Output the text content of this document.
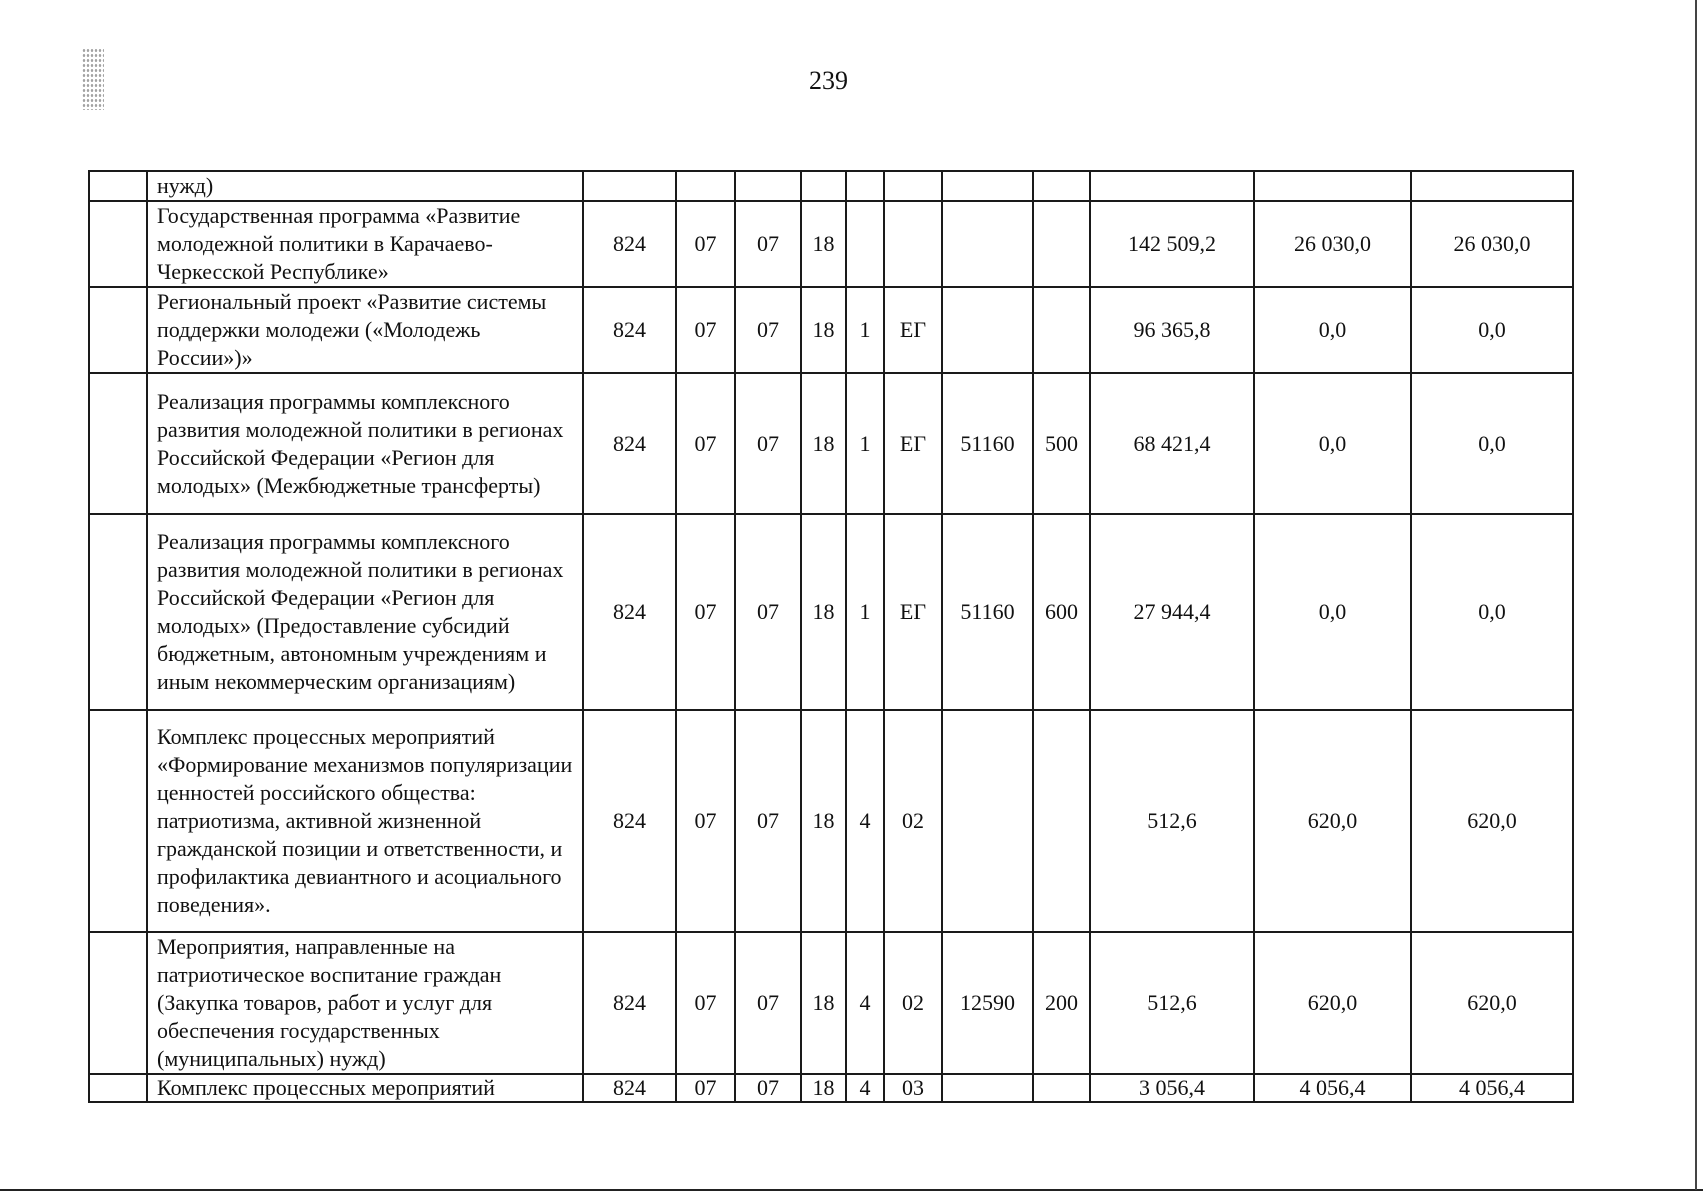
239
	нужд)											
	Государственная программа «Развитие молодежной политики в Карачаево-Черкесской Республике»	824	07	07	18					142 509,2	26 030,0	26 030,0
	Региональный проект «Развитие системы поддержки молодежи («Молодежь России»)»	824	07	07	18	1	ЕГ			96 365,8	0,0	0,0
	Реализация программы комплексного развития молодежной политики в регионах Российской Федерации «Регион для молодых» (Межбюджетные трансферты)	824	07	07	18	1	ЕГ	51160	500	68 421,4	0,0	0,0
	Реализация программы комплексного развития молодежной политики в регионах Российской Федерации «Регион для молодых» (Предоставление субсидий бюджетным, автономным учреждениям и иным некоммерческим организациям)	824	07	07	18	1	ЕГ	51160	600	27 944,4	0,0	0,0
	Комплекс процессных мероприятий «Формирование механизмов популяризации ценностей российского общества: патриотизма, активной жизненной гражданской позиции и ответственности, и профилактика девиантного и асоциального поведения».	824	07	07	18	4	02			512,6	620,0	620,0
	Мероприятия, направленные на патриотическое воспитание граждан (Закупка товаров, работ и услуг для обеспечения государственных (муниципальных) нужд)	824	07	07	18	4	02	12590	200	512,6	620,0	620,0
	Комплекс процессных мероприятий	824	07	07	18	4	03			3 056,4	4 056,4	4 056,4
